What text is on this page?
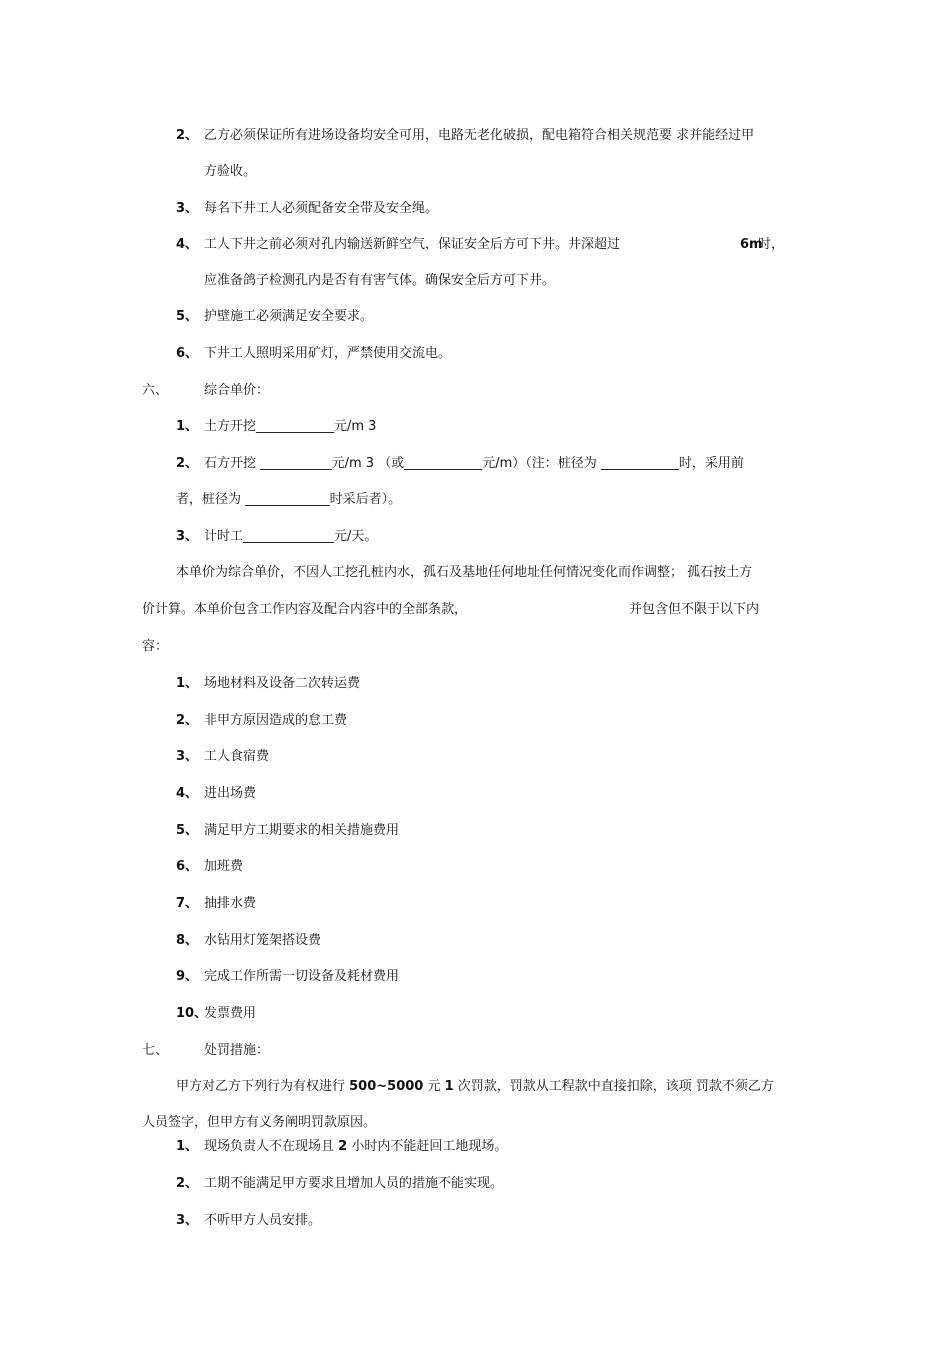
2、 乙方必须保证所有进场设备均安全可用，电路无老化破损，配电箱符合相关规范要 求并能经过甲
方验收。
3、 每名下井工人必须配备安全带及安全绳。
4、 工人下井之前必须对孔内输送新鲜空气，保证安全后方可下井。井深超过	6m
时，
应准备鸽子检测孔内是否有有害气体。确保安全后方可下井。
5、 护壁施工必须满足安全要求。
6、 下井工人照明采用矿灯，严禁使用交流电。
六、	综合单价：
1、 土方开挖____________元/m 3
2、 石方开挖 ___________元/m 3 （或____________元/m）（注：桩径为 ____________时，采用前
者，桩径为 _____________时采后者）。
3、 计时工______________元/天。
本单价为综合单价，不因人工挖孔桩内水，孤石及基地任何地址任何情况变化而作调整； 孤石按土方
价计算。本单价包含工作内容及配合内容中的全部条款，	并包含但不限于以下内
容：
1、 场地材料及设备二次转运费
2、 非甲方原因造成的怠工费
3、 工人食宿费
4、 进出场费
5、 满足甲方工期要求的相关措施费用
6、 加班费
7、 抽排水费
8、 水钻用灯笼架搭设费
9、 完成工作所需一切设备及耗材费用
10、
发票费用
七、	处罚措施：
甲方对乙方下列行为有权进行 500~5000 元 1 次罚款，罚款从工程款中直接扣除，该项 罚款不须乙方
人员签字，但甲方有义务阐明罚款原因。
1、 现场负责人不在现场且 2 小时内不能赶回工地现场。
2、 工期不能满足甲方要求且增加人员的措施不能实现。
3、 不听甲方人员安排。
